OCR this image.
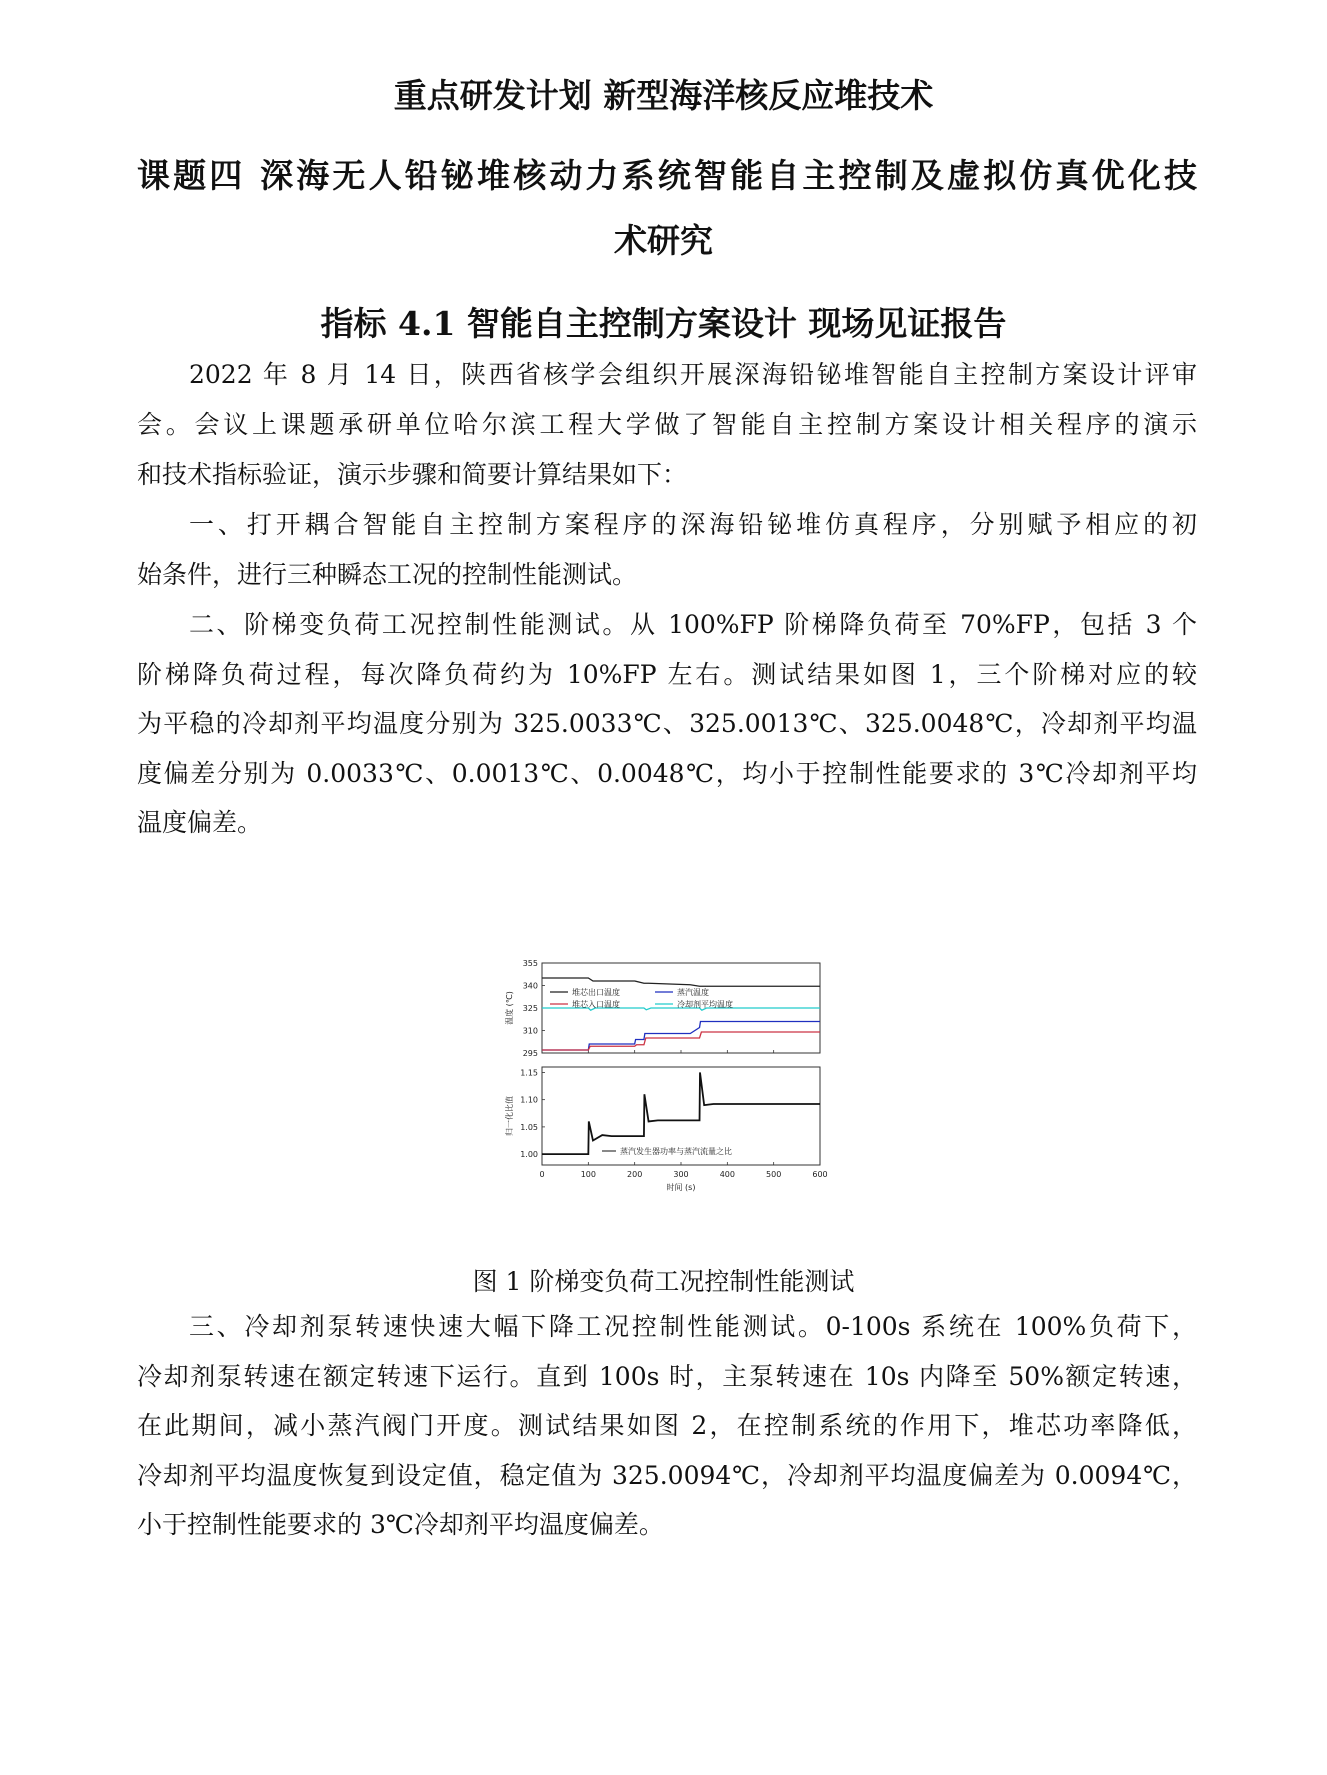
重点研发计划 新型海洋核反应堆技术
课题四 深海无人铅铋堆核动力系统智能自主控制及虚拟仿真优化技
术研究
指标 4.1 智能自主控制方案设计 现场见证报告
2022 年 8 月 14 日，陕西省核学会组织开展深海铅铋堆智能自主控制方案设计评审
会。会议上课题承研单位哈尔滨工程大学做了智能自主控制方案设计相关程序的演示
和技术指标验证，演示步骤和简要计算结果如下：
一、打开耦合智能自主控制方案程序的深海铅铋堆仿真程序，分别赋予相应的初
始条件，进行三种瞬态工况的控制性能测试。
二、阶梯变负荷工况控制性能测试。从 100%FP 阶梯降负荷至 70%FP，包括 3 个
阶梯降负荷过程，每次降负荷约为 10%FP 左右。测试结果如图 1，三个阶梯对应的较
为平稳的冷却剂平均温度分别为 325.0033℃、325.0013℃、325.0048℃，冷却剂平均温
度偏差分别为 0.0033℃、0.0013℃、0.0048℃，均小于控制性能要求的 3℃冷却剂平均
温度偏差。
295
310
325
340
355
温度 (℃)
1.00
1.05
1.10
1.15
归一化比值
堆芯出口温度	蒸汽温度
堆芯入口温度	冷却剂平均温度
蒸汽发生器功率与蒸汽流量之比
0	100	200	300	400	500	600
时间 (s)
图 1 阶梯变负荷工况控制性能测试
三、冷却剂泵转速快速大幅下降工况控制性能测试。0-100s 系统在 100%负荷下，
冷却剂泵转速在额定转速下运行。直到 100s 时，主泵转速在 10s 内降至 50%额定转速，
在此期间，减小蒸汽阀门开度。测试结果如图 2，在控制系统的作用下，堆芯功率降低，
冷却剂平均温度恢复到设定值，稳定值为 325.0094℃，冷却剂平均温度偏差为 0.0094℃，
小于控制性能要求的 3℃冷却剂平均温度偏差。
